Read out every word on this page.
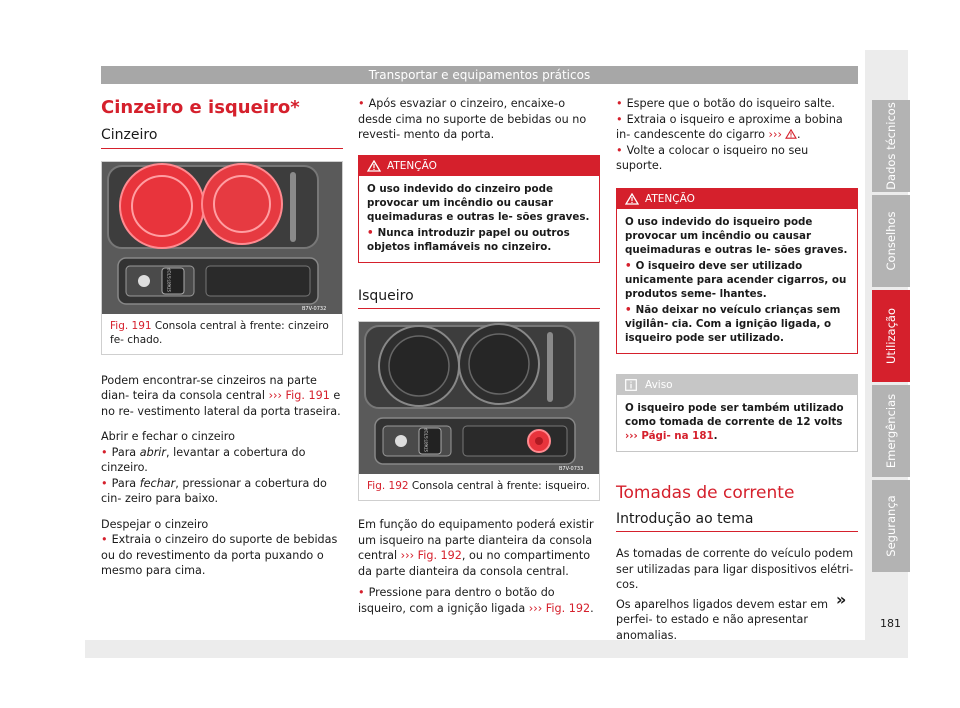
Transportar e equipamentos práticos
Cinzeiro e isqueiro*
Cinzeiro
START-STOP
B7V-0732
Fig. 191 Consola central à frente: cinzeiro fe- chado.

Podem encontrar-se cinzeiros na parte dian- teira da consola central ››› Fig. 191 e no re- vestimento lateral da porta traseira.

Abrir e fechar o cinzeiro

• Para abrir, levantar a cobertura do cinzeiro.
• Para fechar, pressionar a cobertura do cin- zeiro para baixo.

Despejar o cinzeiro

• Extraia o cinzeiro do suporte de bebidas ou do revestimento da porta puxando o mesmo para cima.
• Após esvaziar o cinzeiro, encaixe-o desde cima no suporte de bebidas ou no revesti- mento da porta.
ATENÇÃO
O uso indevido do cinzeiro pode provocar um incêndio ou causar queimaduras e outras le- sões graves.
• Nunca introduzir papel ou outros objetos inflamáveis no cinzeiro.
Isqueiro
START-STOP
B7V-0733
Fig. 192 Consola central à frente: isqueiro.

Em função do equipamento poderá existir um isqueiro na parte dianteira da consola central ››› Fig. 192, ou no compartimento da parte dianteira da consola central.

• Pressione para dentro o botão do isqueiro, com a ignição ligada ››› Fig. 192.
• Espere que o botão do isqueiro salte.
• Extraia o isqueiro e aproxime a bobina in- candescente do cigarro ››› .
• Volte a colocar o isqueiro no seu suporte.
ATENÇÃO
O uso indevido do isqueiro pode provocar um incêndio ou causar queimaduras e outras le- sões graves.
• O isqueiro deve ser utilizado unicamente para acender cigarros, ou produtos seme- lhantes.
• Não deixar no veículo crianças sem vigilân- cia. Com a ignição ligada, o isqueiro pode ser utilizado.
Aviso
O isqueiro pode ser também utilizado como tomada de corrente de 12 volts ››› Pági- na 181.
Tomadas de corrente
Introdução ao tema

As tomadas de corrente do veículo podem ser utilizadas para ligar dispositivos elétri- cos.

Os aparelhos ligados devem estar em perfei- to estado e não apresentar anomalias.

»
Dados técnicos
Conselhos
Utilização
Emergências
Segurança
181
